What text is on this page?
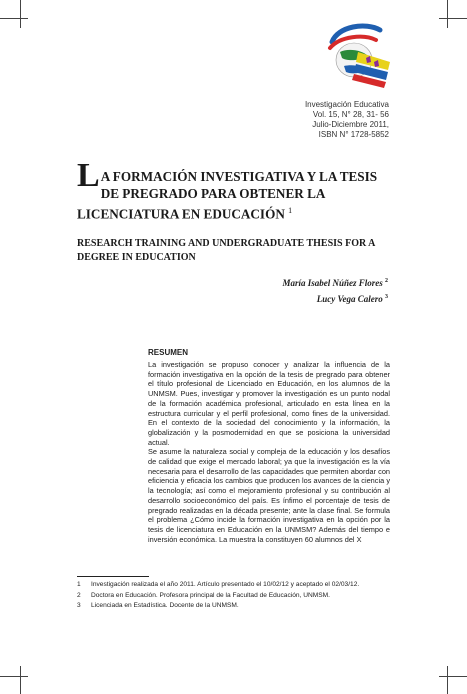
Investigación Educativa
Vol. 15, N° 28, 31- 56
Julio-Diciembre 2011,
ISBN N° 1728-5852
L A FORMACIÓN INVESTIGATIVA Y LA TESIS DE PREGRADO PARA OBTENER LA LICENCIATURA EN EDUCACIÓN $^1$
RESEARCH TRAINING AND UNDERGRADUATE THESIS FOR A DEGREE IN EDUCATION
María Isabel Núñez Flores $^2$
Lucy Vega Calero $^3$
RESUMEN
La investigación se propuso conocer y analizar la influencia de la formación investigativa en la opción de la tesis de pregrado para obtener el título profesional de Licenciado en Educación, en los alumnos de la UNMSM. Pues, investigar y promover la investigación es un punto nodal de la formación académica profesional, articulado en esta línea en la estructura curricular y el perfil profesional, como fines de la universidad. En el contexto de la sociedad del conocimiento y la información, la globalización y la posmodernidad en que se posiciona la universidad actual.
Se asume la naturaleza social y compleja de la educación y los desafíos de calidad que exige el mercado laboral; ya que la investigación es la vía necesaria para el desarrollo de las capacidades que permiten abordar con eficiencia y eficacia los cambios que producen los avances de la ciencia y la tecnología; así como el mejoramiento profesional y su contribución al desarrollo socioeconómico del país. Es ínfimo el porcentaje de tesis de pregrado realizadas en la década presente; ante la clase final. Se formula el problema ¿Cómo incide la formación investigativa en la opción por la tesis de licenciatura en Educación en la UNMSM? Además del tiempo e inversión económica. La muestra la constituyen 60 alumnos del X
1	Investigación realizada el año 2011. Artículo presentado el 10/02/12 y aceptado el 02/03/12.
2	Doctora en Educación. Profesora principal de la Facultad de Educación, UNMSM.
3	Licenciada en Estadística. Docente de la UNMSM.
